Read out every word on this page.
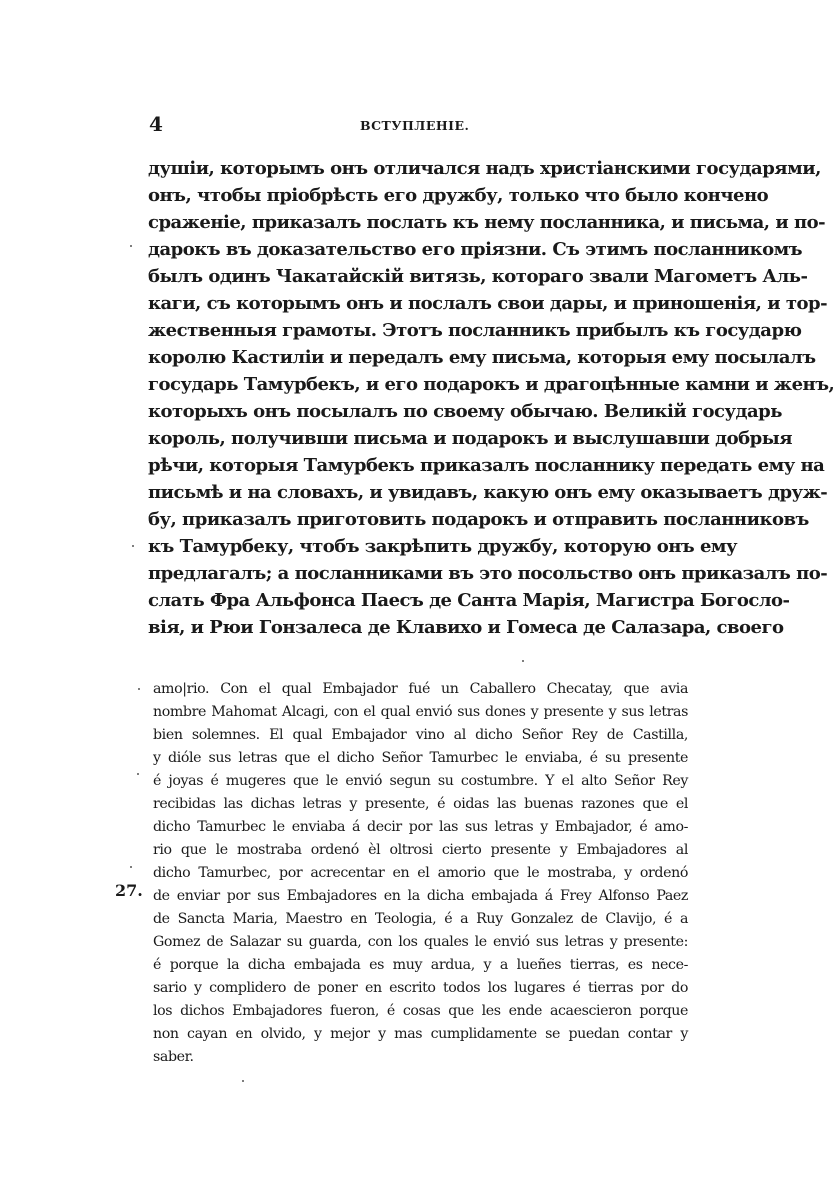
4	ВСТУПЛЕНІЕ.
душіи, которымъ онъ отличался надъ христіанскими государями,
онъ, чтобы пріобрѣсть его дружбу, только что было кончено
сраженіе, приказалъ послать къ нему посланника, и письма, и по-
дарокъ въ доказательство его пріязни. Съ этимъ посланникомъ
былъ одинъ Чакатайскій витязь, котораго звали Магометъ Аль-
каги, съ которымъ онъ и послалъ свои дары, и приношенія, и тор-
жественныя грамоты. Этотъ посланникъ прибылъ къ государю
королю Кастиліи и передалъ ему письма, которыя ему посылалъ
государь Тамурбекъ, и его подарокъ и драгоцѣнные камни и женъ,
которыхъ онъ посылалъ по своему обычаю. Великій государь
король, получивши письма и подарокъ и выслушавши добрыя
рѣчи, которыя Тамурбекъ приказалъ посланнику передать ему на
письмѣ и на словахъ, и увидавъ, какую онъ ему оказываетъ друж-
бу, приказалъ приготовить подарокъ и отправить посланниковъ
къ Тамурбеку, чтобъ закрѣпить дружбу, которую онъ ему
предлагалъ; а посланниками въ это посольство онъ приказалъ по-
слать Фра Альфонса Паесъ де Санта Марія, Магистра Богосло-
вія, и Рюи Гонзалеса де Клавихо и Гомеса де Салазара, своего
27.
amo|rio. Con el qual Embajador fué un Caballero Checatay, que avia
nombre Mahomat Alcagi, con el qual envió sus dones y presente y sus letras
bien solemnes. El qual Embajador vino al dicho Señor Rey de Castilla,
y dióle sus letras que el dicho Señor Tamurbec le enviaba, é su presente
é joyas é mugeres que le envió segun su costumbre. Y el alto Señor Rey
recibidas las dichas letras y presente, é oidas las buenas razones que el
dicho Tamurbec le enviaba á decir por las sus letras y Embajador, é amo-
rio que le mostraba ordenó èl oltrosi cierto presente y Embajadores al
dicho Tamurbec, por acrecentar en el amorio que le mostraba, y ordenó
de enviar por sus Embajadores en la dicha embajada á Frey Alfonso Paez
de Sancta Maria, Maestro en Teologia, é a Ruy Gonzalez de Clavijo, é a
Gomez de Salazar su guarda, con los quales le envió sus letras y presente:
é porque la dicha embajada es muy ardua, y a lueñes tierras, es nece-
sario y complidero de poner en escrito todos los lugares é tierras por do
los dichos Embajadores fueron, é cosas que les ende acaescieron porque
non cayan en olvido, y mejor y mas cumplidamente se puedan contar y
saber.
